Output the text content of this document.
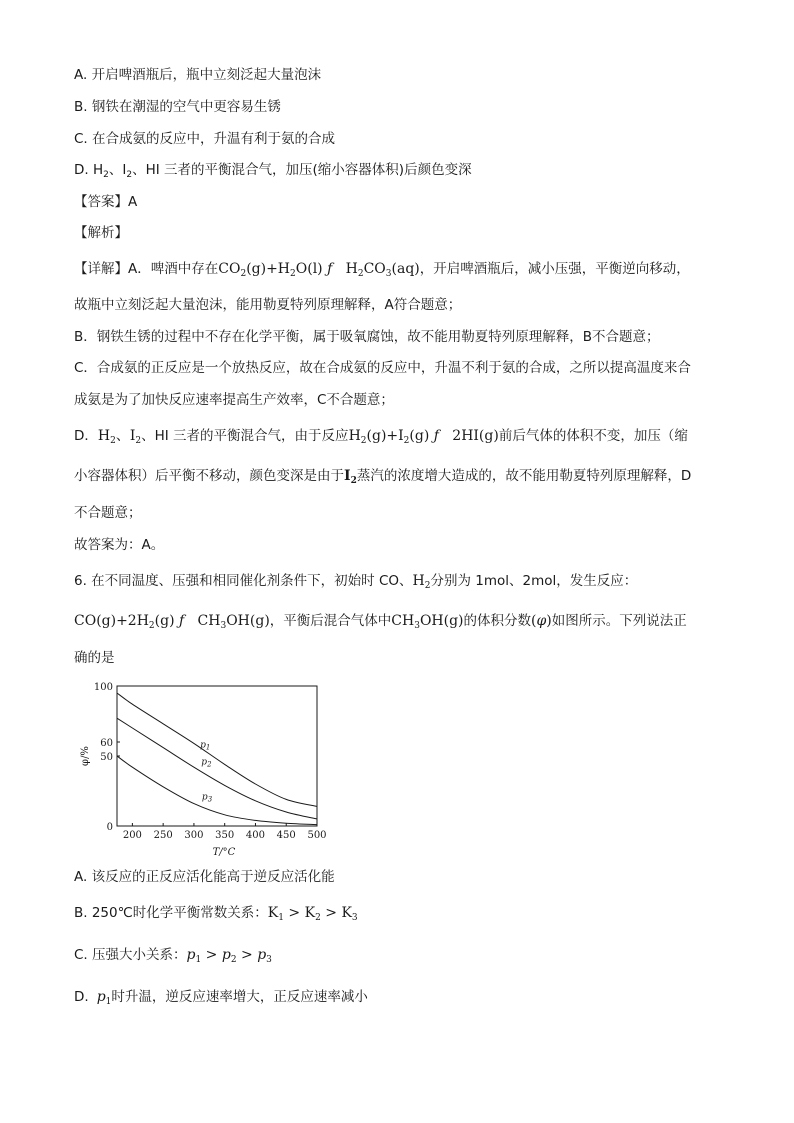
A. 开启啤酒瓶后，瓶中立刻泛起大量泡沫
B. 钢铁在潮湿的空气中更容易生锈
C. 在合成氨的反应中，升温有利于氨的合成
D. $H_2$、$I_2$、HI 三者的平衡混合气，加压(缩小容器体积)后颜色变深
【答案】A
【解析】
【详解】A．啤酒中存在$CO_2(g)+H_2O(l)$ ƒ   $H_2CO_3(aq)$，开启啤酒瓶后，减小压强，平衡逆向移动，
故瓶中立刻泛起大量泡沫，能用勒夏特列原理解释，A符合题意；
B．钢铁生锈的过程中不存在化学平衡，属于吸氧腐蚀，故不能用勒夏特列原理解释，B不合题意；
C．合成氨的正反应是一个放热反应，故在合成氨的反应中，升温不利于氨的合成，之所以提高温度来合
成氨是为了加快反应速率提高生产效率，C不合题意；
D．$H_2$、$I_2$、HI 三者的平衡混合气，由于反应$H_2(g)+I_2(g)$ ƒ   2HI(g)前后气体的体积不变，加压（缩
小容器体积）后平衡不移动，颜色变深是由于$I_2$蒸汽的浓度增大造成的，故不能用勒夏特列原理解释，D
不合题意；
故答案为：A。
6. 在不同温度、压强和相同催化剂条件下，初始时 CO、$H_2$分别为 1mol、2mol，发生反应：
$CO(g)+2H_2(g)$ ƒ   $CH_3OH(g)$，平衡后混合气体中$CH_3OH(g)$的体积分数(φ)如图所示。下列说法正
确的是
200 250 300 350 400 450 500
0
50
60
100
$p_1$
$p_2$
$p_3$
T/°C
φ/%
A. 该反应的正反应活化能高于逆反应活化能
B. 250℃时化学平衡常数关系：$K_1 > K_2 > K_3$
C. 压强大小关系：$p_1 > p_2 > p_3$
D. $p_1$时升温，逆反应速率增大，正反应速率减小
